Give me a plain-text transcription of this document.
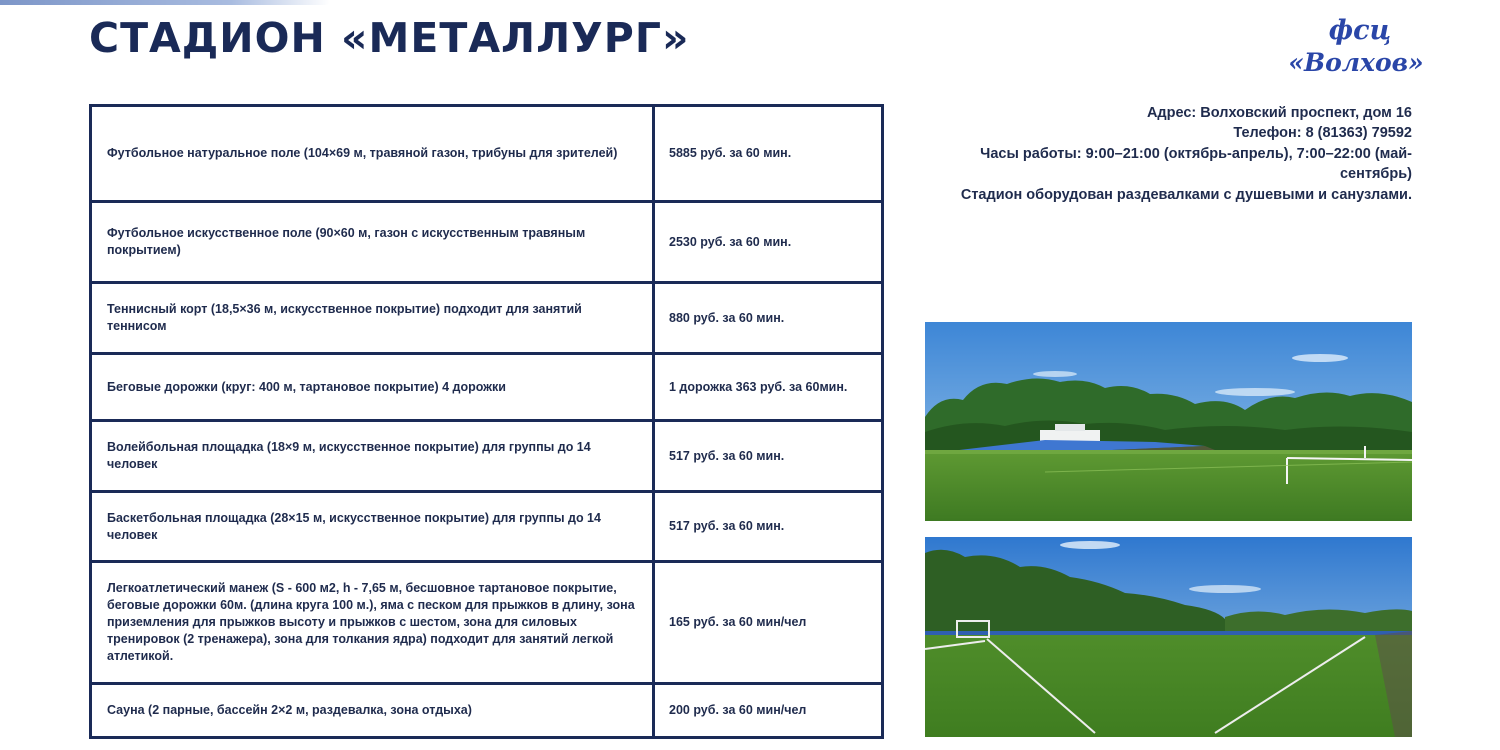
СТАДИОН «МЕТАЛЛУРГ»	фсц
«Волхов»
Футбольное натуральное поле (104×69 м, травяной газон, трибуны для зрителей)	5885 руб. за 60 мин.
Футбольное искусственное поле (90×60 м, газон с искусственным травяным покрытием)	2530 руб. за 60 мин.
Теннисный корт (18,5×36 м, искусственное покрытие) подходит для занятий теннисом	880 руб. за 60 мин.
Беговые дорожки (круг: 400 м, тартановое покрытие) 4 дорожки	1 дорожка 363 руб. за 60мин.
Волейбольная площадка (18×9 м, искусственное покрытие) для группы до 14 человек	517 руб. за 60 мин.
Баскетбольная площадка (28×15 м, искусственное покрытие) для группы до 14 человек	517 руб. за 60 мин.
Легкоатлетический манеж (S - 600 м2, h - 7,65 м, бесшовное тартановое покрытие, беговые дорожки 60м. (длина круга 100 м.), яма с песком для прыжков в длину, зона приземления для прыжков высоту и прыжков с шестом, зона для силовых тренировок (2 тренажера), зона для толкания ядра) подходит для занятий легкой атлетикой.	165 руб. за 60 мин/чел
Сауна (2 парные, бассейн 2×2 м, раздевалка, зона отдыха)	200 руб. за 60 мин/чел

Адрес: Волховский проспект, дом 16

Телефон: 8 (81363) 79592

Часы работы: 9:00–21:00 (октябрь-апрель), 7:00–22:00 (май-сентябрь)

Стадион оборудован раздевалками с душевыми и санузлами.
